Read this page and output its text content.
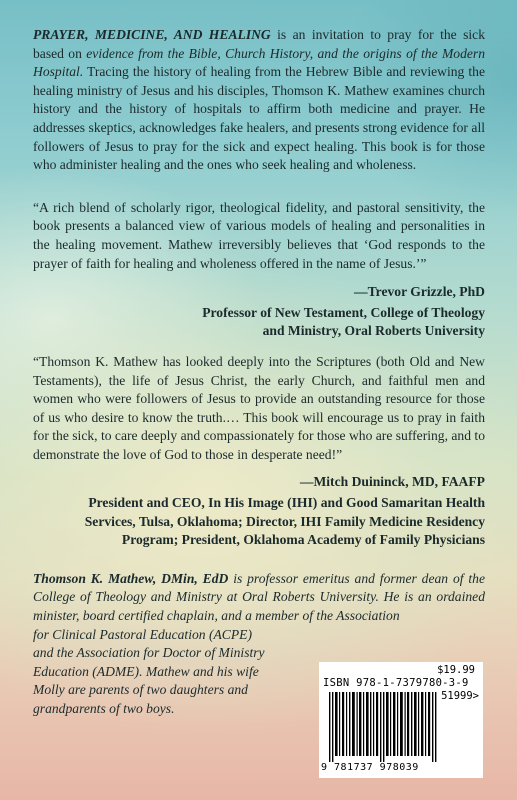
PRAYER, MEDICINE, AND HEALING is an invitation to pray for the sick based on evidence from the Bible, Church History, and the origins of the Modern Hospital. Tracing the history of healing from the Hebrew Bible and reviewing the healing ministry of Jesus and his disciples, Thomson K. Mathew examines church history and the history of hospitals to affirm both medicine and prayer. He addresses skeptics, acknowledges fake healers, and presents strong evidence for all followers of Jesus to pray for the sick and expect healing. This book is for those who administer healing and the ones who seek healing and wholeness.

“A rich blend of scholarly rigor, theological fidelity, and pastoral sensitivity, the book presents a balanced view of various models of healing and personalities in the healing movement. Mathew irreversibly believes that ‘God responds to the prayer of faith for healing and wholeness offered in the name of Jesus.’”

—Trevor Grizzle, PhD

Professor of New Testament, College of Theology

and Ministry, Oral Roberts University

“Thomson K. Mathew has looked deeply into the Scriptures (both Old and New Testaments), the life of Jesus Christ, the early Church, and faithful men and women who were followers of Jesus to provide an outstanding resource for those of us who desire to know the truth.… This book will encourage us to pray in faith for the sick, to care deeply and compassionately for those who are suffering, and to demonstrate the love of God to those in desperate need!”

—Mitch Duininck, MD, FAAFP

President and CEO, In His Image (IHI) and Good Samaritan Health

Services, Tulsa, Oklahoma; Director, IHI Family Medicine Residency

Program; President, Oklahoma Academy of Family Physicians

Thomson K. Mathew, DMin, EdD is professor emeritus and former dean of the College of Theology and Ministry at Oral Roberts University. He is an ordained minister, board certified chaplain, and a member of the Association

for Clinical Pastoral Education (ACPE)

and the Association for Doctor of Ministry

Education (ADME). Mathew and his wife

Molly are parents of two daughters and

grandparents of two boys.

$19.99
ISBN 978-1-7379780-3-9
51999>
9 781737 978039
